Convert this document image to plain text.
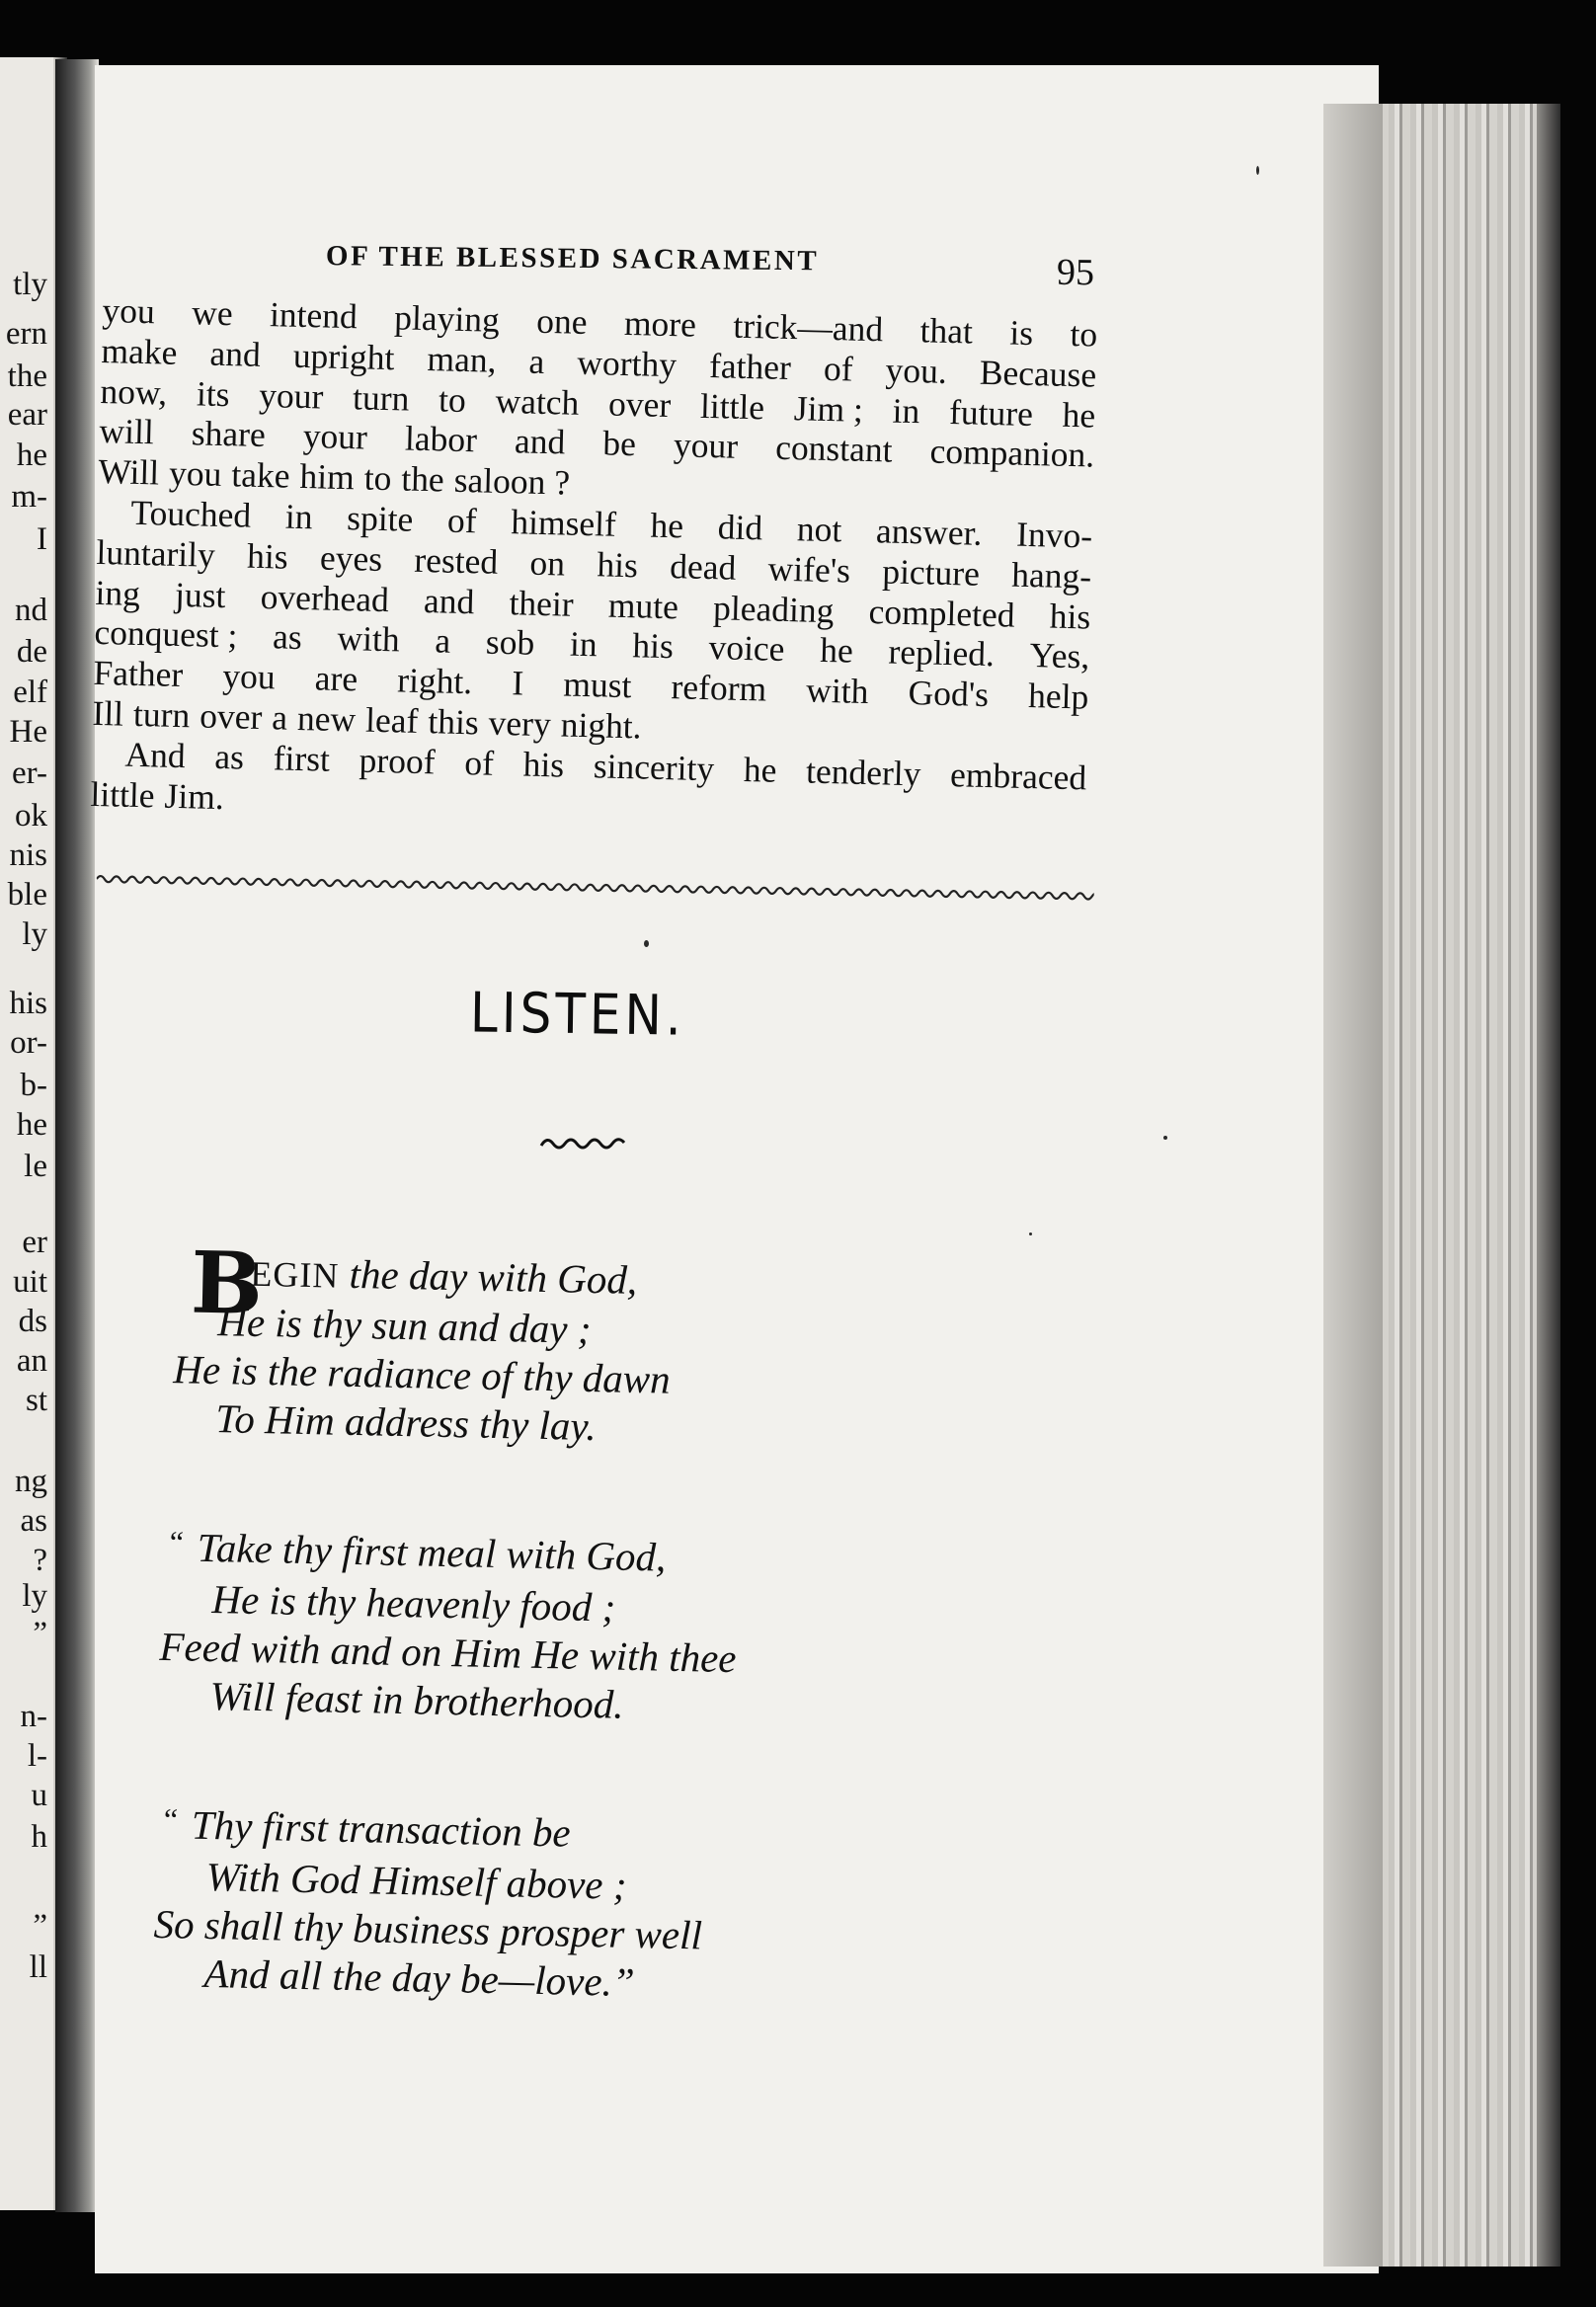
tly
ern
the
ear
he
m-
I
nd
de
elf
He
er-
ok
nis
ble
ly
his
or-
b-
he
le
er
uit
ds
an
st
ng
as
?
ly
”
n-
l-
u
h
”
ll
OF THE BLESSED SACRAMENT	95
you we intend playing one more trick—and that is to
make and upright man, a worthy father of you. Because
now, its your turn to watch over little Jim ; in future he
will share your labor and be your constant companion.
Will you take him to the saloon ?
Touched in spite of himself he did not answer. Invo-
luntarily his eyes rested on his dead wife's picture hang-
ing just overhead and their mute pleading completed his
conquest ; as with a sob in his voice he replied. Yes,
Father you are right. I must reform with God's help
Ill turn over a new leaf this very night.
And as first proof of his sincerity he tenderly embraced
little Jim.
LISTEN.
B
EGIN the day with God,
He is thy sun and day ;
He is the radiance of thy dawn
To Him address thy lay.
“ Take thy first meal with God,
He is thy heavenly food ;
Feed with and on Him He with thee
Will feast in brotherhood.
“ Thy first transaction be
With God Himself above ;
So shall thy business prosper well
And all the day be—love.”
